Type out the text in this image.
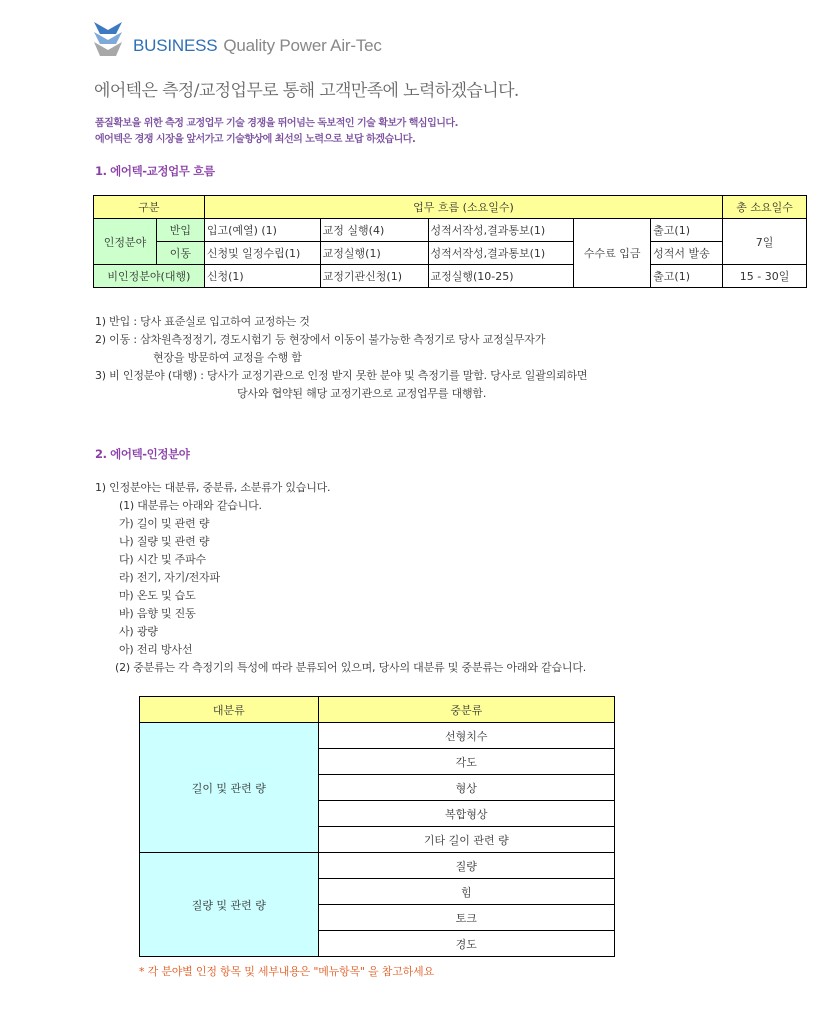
BUSINESS Quality Power Air-Tec
에어텍은 측정/교정업무로 통해 고객만족에 노력하겠습니다.
품질확보을 위한 측정 교정업무 기술 경쟁을 뛰어넘는 독보적인 기술 확보가 핵심입니다.
에어텍은 경쟁 시장을 앞서가고 기술향상에 최선의 노력으로 보답 하겠습니다.
1. 에어텍-교정업무 흐름
구분		업무 흐름 (소요일수)					총 소요일수
인정분야	반입	입고(예열) (1)	교정 실행(4)	성적서작성,결과통보(1)	수수료 입금	출고(1)	7일
	이동	신청및 일정수립(1)	교정실행(1)	성적서작성,결과통보(1)		성적서 발송	
비인정분야(대행)		신청(1)	교정기관신청(1)	교정실행(10-25)		출고(1)	15 - 30일
1) 반입 : 당사 표준실로 입고하여 교정하는 것
2) 이동 : 삼차원측정정기, 경도시험기 등 현장에서 이동이 불가능한 측정기로 당사 교정실무자가
현장을 방문하여 교정을 수행 함
3) 비 인정분야 (대행) : 당사가 교정기관으로 인정 받지 못한 분야 및 측정기를 말함. 당사로 일괄의뢰하면
당사와 협약된 해당 교정기관으로 교정업무를 대행함.
2. 에어텍-인정분야
1) 인정분야는 대분류, 중분류, 소분류가 있습니다.
(1) 대분류는 아래와 같습니다.
가) 길이 및 관련 량
나) 질량 및 관련 량
다) 시간 및 주파수
라) 전기, 자기/전자파
마) 온도 및 습도
바) 음향 및 진동
사) 광량
아) 전리 방사선
(2) 중분류는 각 측정기의 특성에 따라 분류되어 있으며, 당사의 대분류 및 중분류는 아래와 같습니다.
대분류	중분류
길이 및 관련 량	선형치수
	각도
	형상
	복합형상
	기타 길이 관련 량
질량 및 관련 량	질량
	힘
	토크
	경도
* 각 분야별 인정 항목 및 세부내용은 "메뉴항목" 을 참고하세요
